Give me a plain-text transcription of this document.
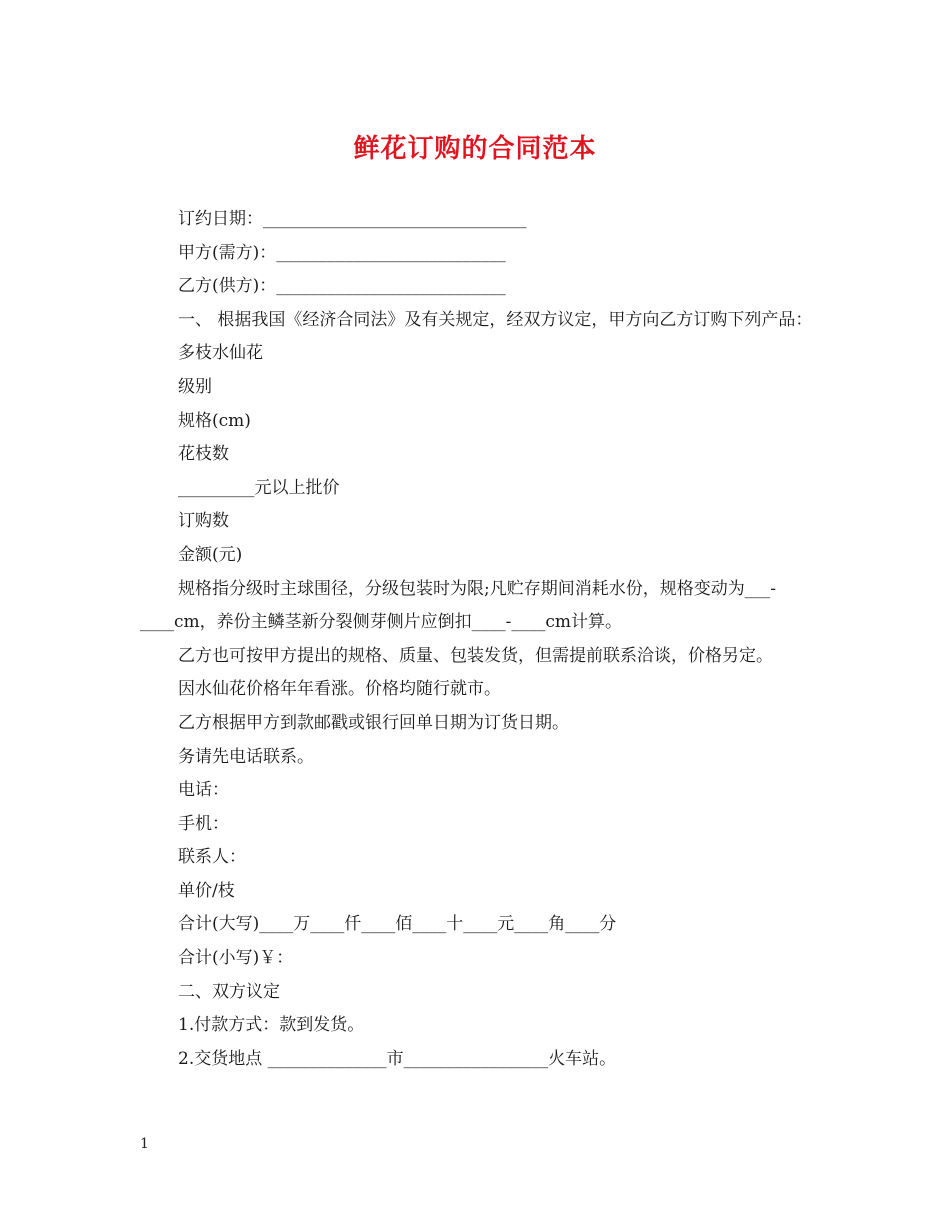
鲜花订购的合同范本
订约日期：_______________________________
甲方(需方)：___________________________
乙方(供方)：___________________________
一、 根据我国《经济合同法》及有关规定，经双方议定，甲方向乙方订购下列产品：
多枝水仙花
级别
规格(cm)
花枝数
_________元以上批价
订购数
金额(元)
规格指分级时主球围径，分级包装时为限;凡贮存期间消耗水份，规格变动为___-____cm，养份主鳞茎新分裂侧芽侧片应倒扣____-____cm计算。
乙方也可按甲方提出的规格、质量、包装发货，但需提前联系洽谈，价格另定。
因水仙花价格年年看涨。价格均随行就市。
乙方根据甲方到款邮戳或银行回单日期为订货日期。
务请先电话联系。
电话：
手机：
联系人：
单价/枝
合计(大写)____万____仟____佰____十____元____角____分
合计(小写)￥：
二、双方议定
1.付款方式：款到发货。
2.交货地点 ______________市_________________火车站。
1
